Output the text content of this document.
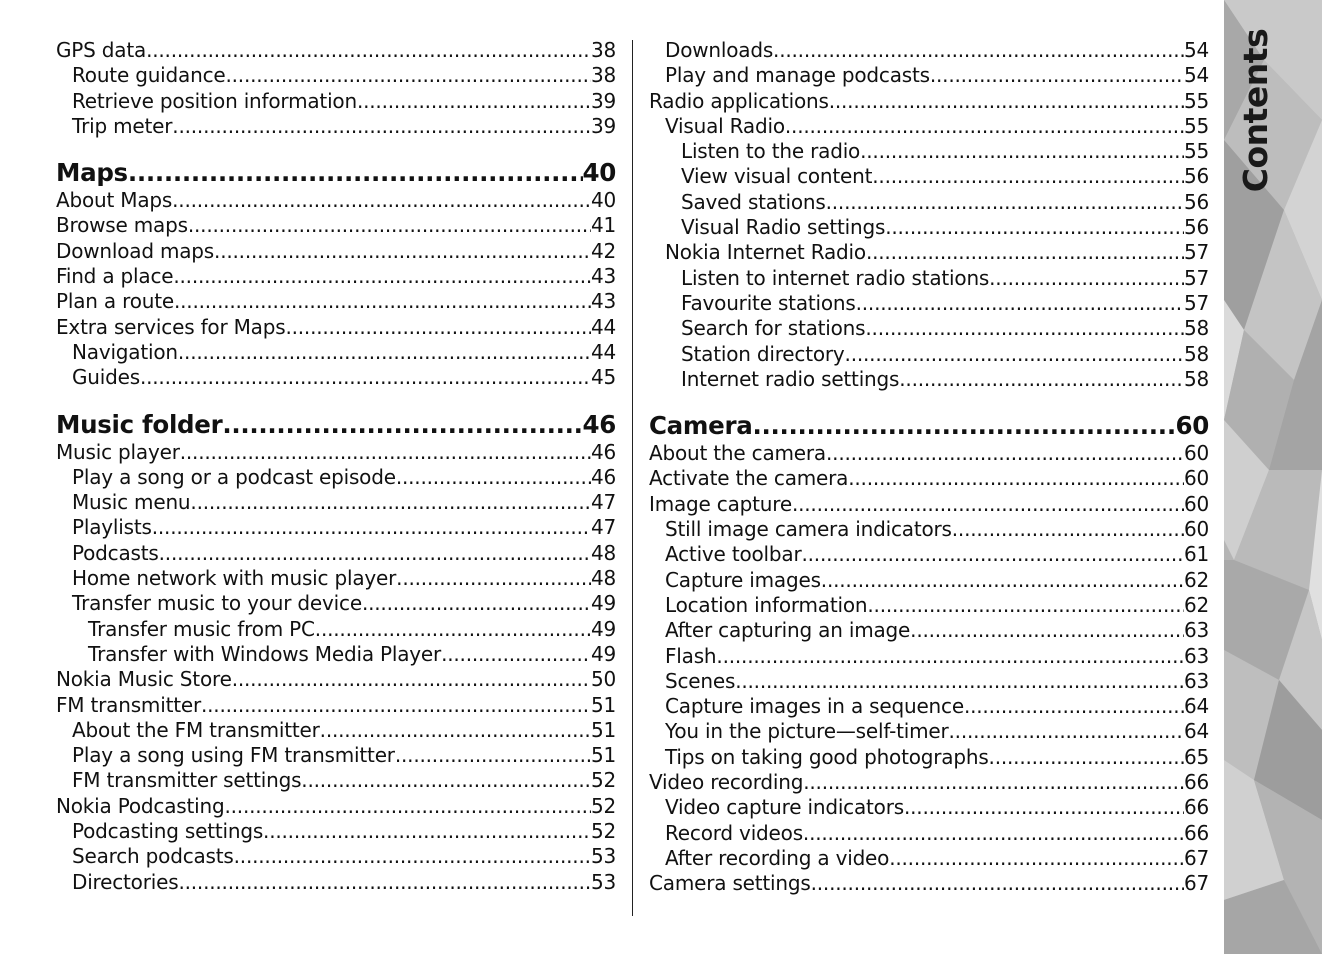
GPS data .....	38
Route guidance .....	38
Retrieve position information .....	39
Trip meter .....	39
Maps .....	40
About Maps .....	40
Browse maps .....	41
Download maps .....	42
Find a place .....	43
Plan a route .....	43
Extra services for Maps .....	44
Navigation .....	44
Guides .....	45
Music folder .....	46
Music player .....	46
Play a song or a podcast episode .....	46
Music menu .....	47
Playlists .....	47
Podcasts .....	48
Home network with music player .....	48
Transfer music to your device .....	49
Transfer music from PC .....	49
Transfer with Windows Media Player .....	49
Nokia Music Store .....	50
FM transmitter .....	51
About the FM transmitter .....	51
Play a song using FM transmitter .....	51
FM transmitter settings .....	52
Nokia Podcasting .....	52
Podcasting settings .....	52
Search podcasts .....	53
Directories .....	53
Downloads .....	54
Play and manage podcasts .....	54
Radio applications .....	55
Visual Radio .....	55
Listen to the radio .....	55
View visual content .....	56
Saved stations .....	56
Visual Radio settings .....	56
Nokia Internet Radio .....	57
Listen to internet radio stations .....	57
Favourite stations .....	57
Search for stations .....	58
Station directory .....	58
Internet radio settings .....	58
Camera .....	60
About the camera .....	60
Activate the camera .....	60
Image capture .....	60
Still image camera indicators .....	60
Active toolbar .....	61
Capture images .....	62
Location information .....	62
After capturing an image .....	63
Flash .....	63
Scenes .....	63
Capture images in a sequence .....	64
You in the picture—self-timer .....	64
Tips on taking good photographs .....	65
Video recording .....	66
Video capture indicators .....	66
Record videos .....	66
After recording a video .....	67
Camera settings .....	67
Contents
